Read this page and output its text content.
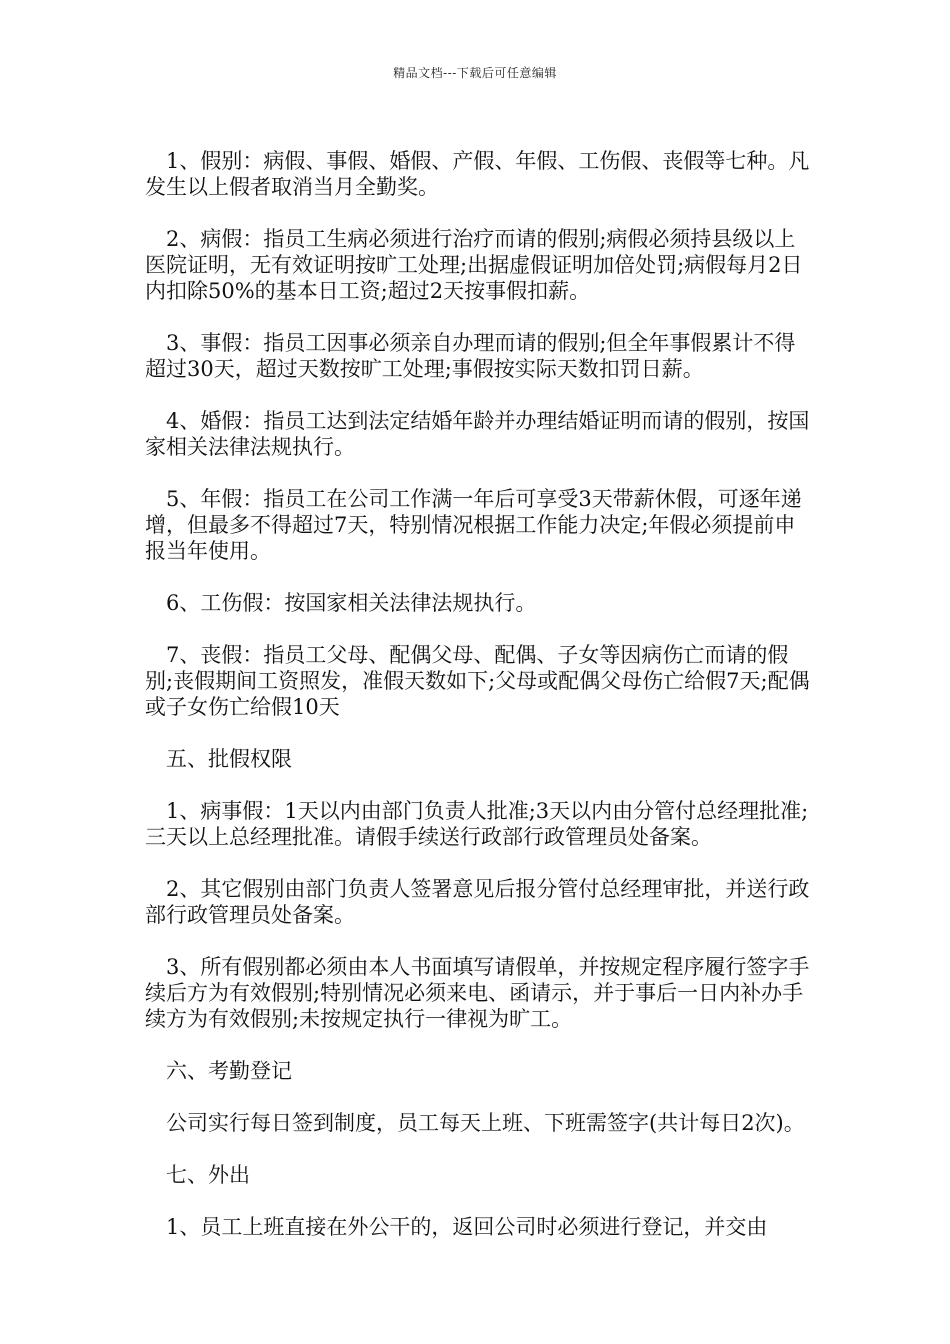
精品文档---下载后可任意编辑

1、假别：病假、事假、婚假、产假、年假、工伤假、丧假等七种。凡发生以上假者取消当月全勤奖。

2、病假：指员工生病必须进行治疗而请的假别;病假必须持县级以上医院证明，无有效证明按旷工处理;出据虚假证明加倍处罚;病假每月2日内扣除50%的基本日工资;超过2天按事假扣薪。

3、事假：指员工因事必须亲自办理而请的假别;但全年事假累计不得超过30天，超过天数按旷工处理;事假按实际天数扣罚日薪。

4、婚假：指员工达到法定结婚年龄并办理结婚证明而请的假别，按国家相关法律法规执行。

5、年假：指员工在公司工作满一年后可享受3天带薪休假，可逐年递增，但最多不得超过7天，特别情况根据工作能力决定;年假必须提前申报当年使用。

6、工伤假：按国家相关法律法规执行。

7、丧假：指员工父母、配偶父母、配偶、子女等因病伤亡而请的假别;丧假期间工资照发，准假天数如下;父母或配偶父母伤亡给假7天;配偶或子女伤亡给假10天

五、批假权限

1、病事假：1天以内由部门负责人批准;3天以内由分管付总经理批准;三天以上总经理批准。请假手续送行政部行政管理员处备案。

2、其它假别由部门负责人签署意见后报分管付总经理审批，并送行政部行政管理员处备案。

3、所有假别都必须由本人书面填写请假单，并按规定程序履行签字手续后方为有效假别;特别情况必须来电、函请示，并于事后一日内补办手续方为有效假别;未按规定执行一律视为旷工。

六、考勤登记

公司实行每日签到制度，员工每天上班、下班需签字(共计每日2次)。

七、外出

1、员工上班直接在外公干的，返回公司时必须进行登记，并交由
